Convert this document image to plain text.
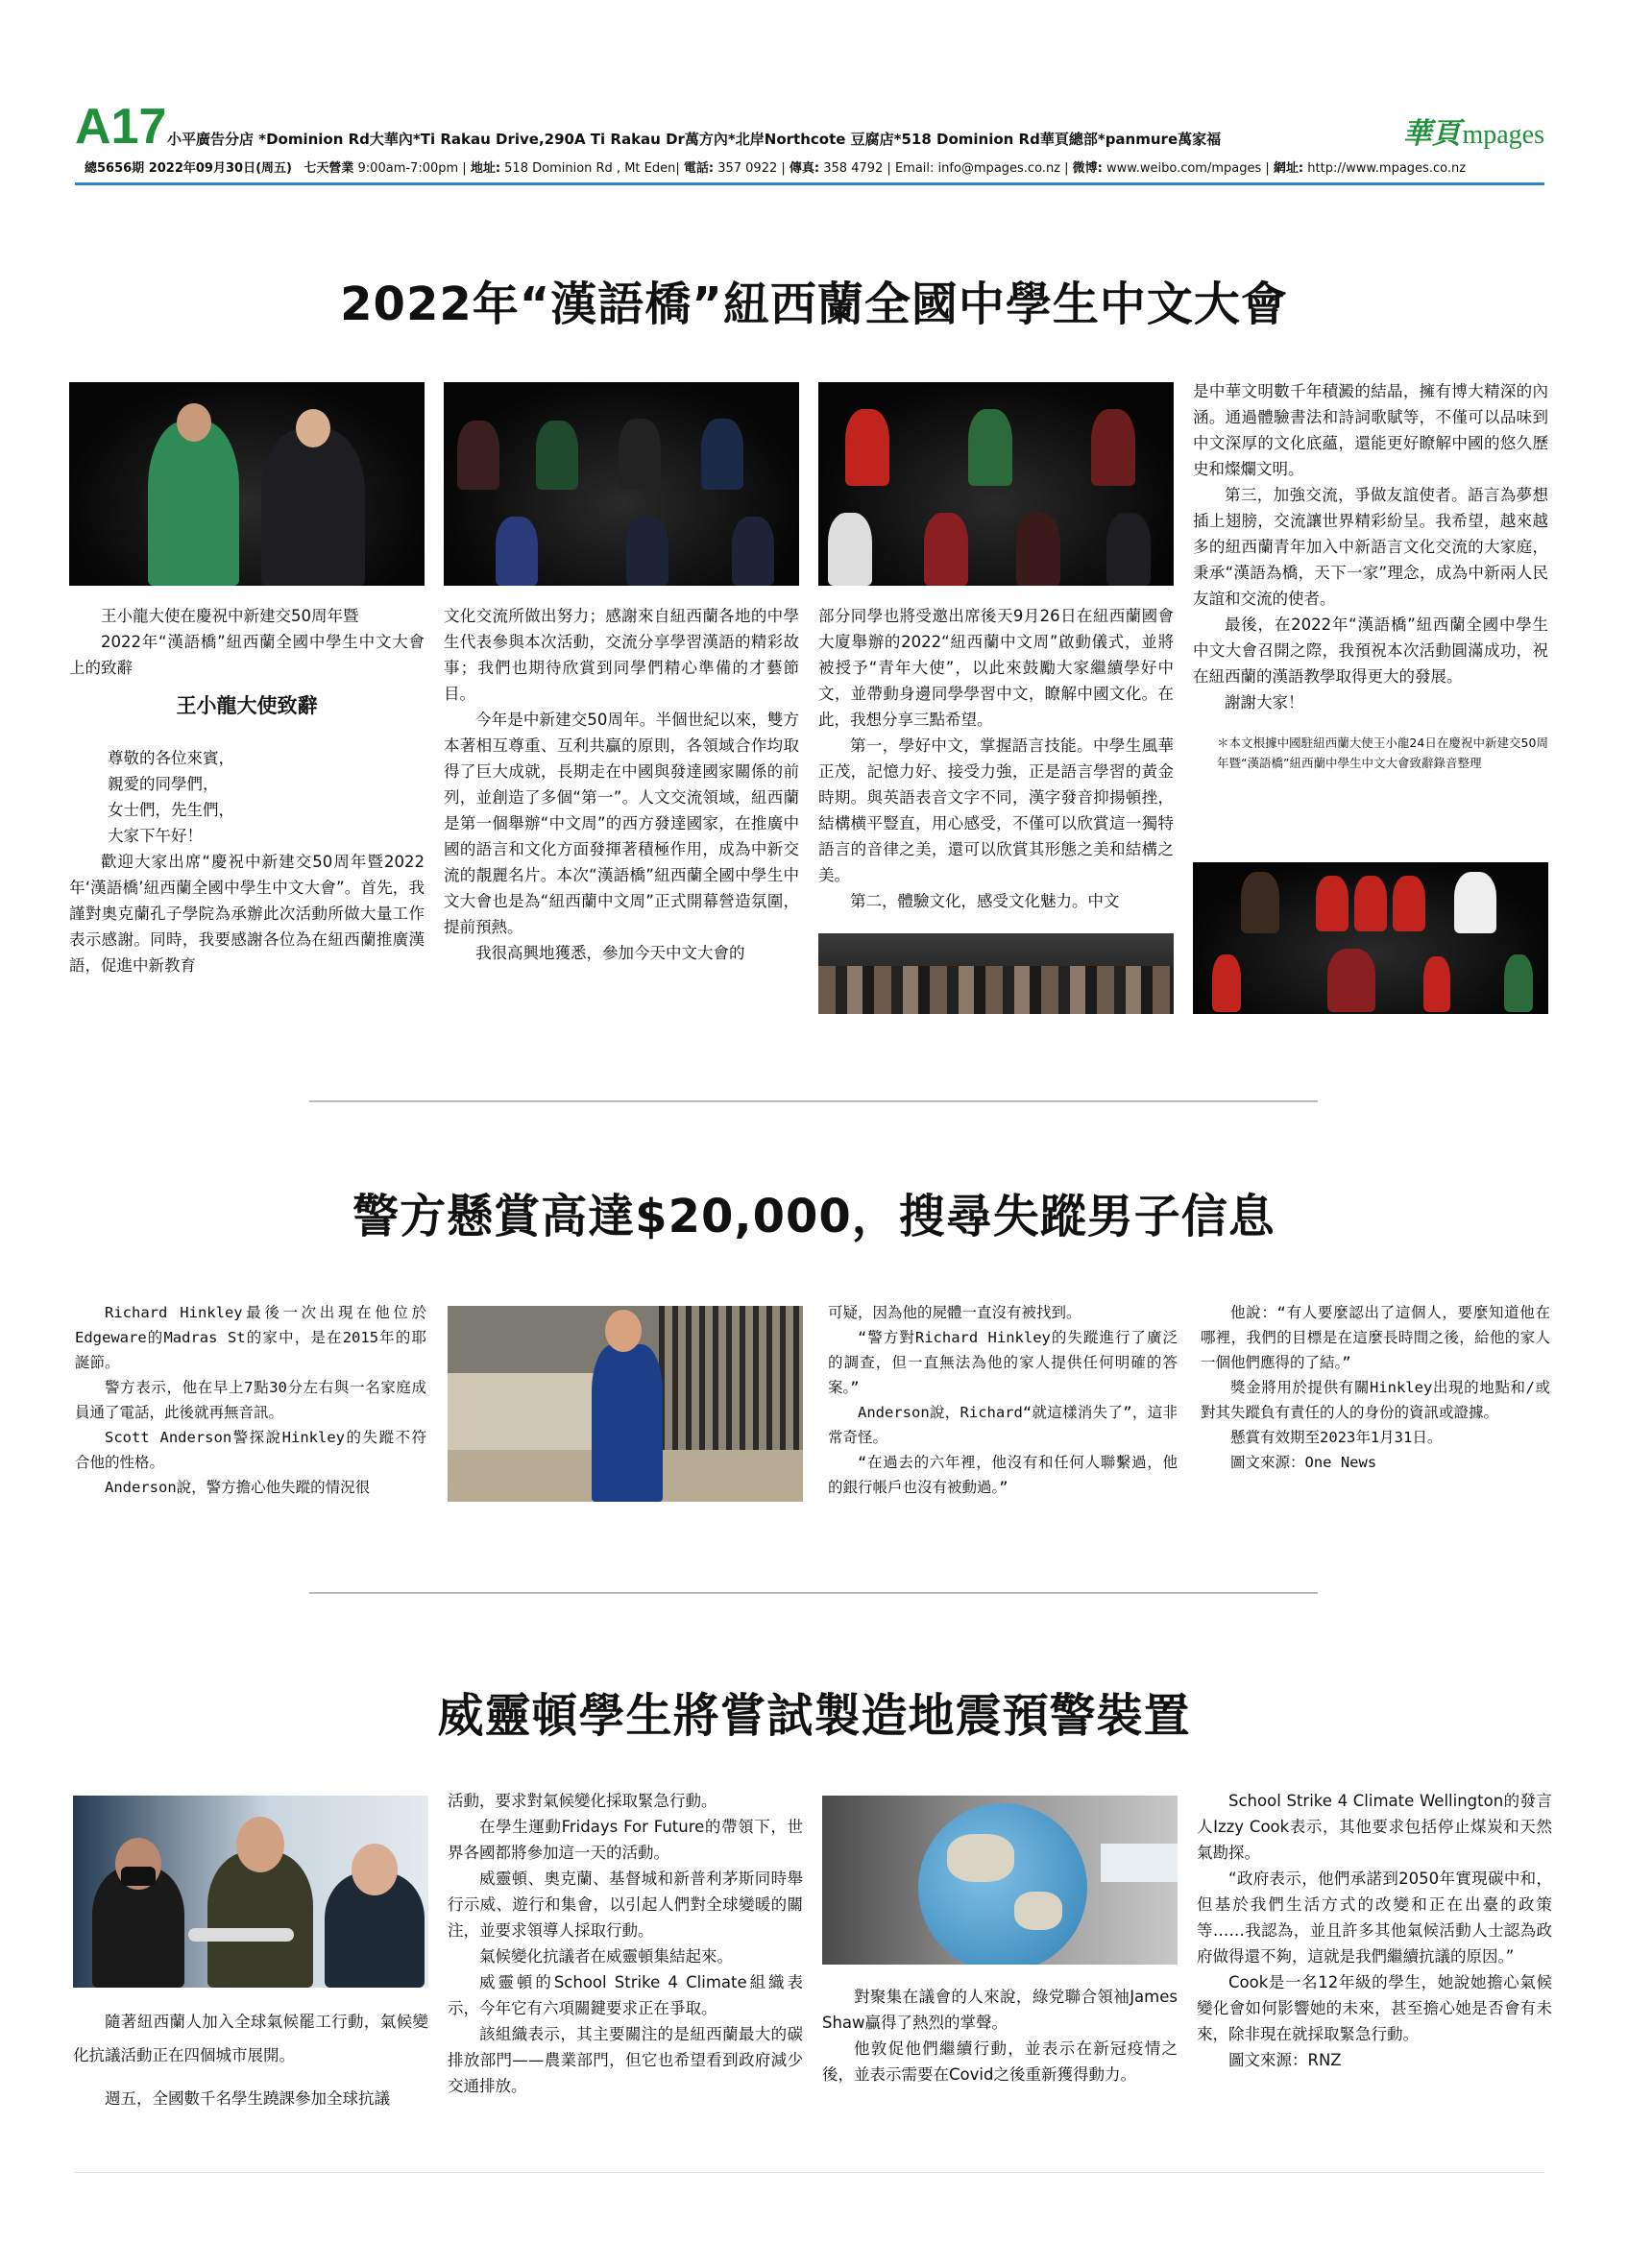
A17 小平廣告分店 *Dominion Rd大華內*Ti Rakau Drive,290A Ti Rakau Dr萬方內*北岸Northcote 豆腐店*518 Dominion Rd華頁總部*panmure萬家福
總5656期 2022年09月30日(周五) 七天營業 9:00am-7:00pm | 地址: 518 Dominion Rd , Mt Eden| 電話: 357 0922 | 傳真: 358 4792 | Email: info@mpages.co.nz | 微博: www.weibo.com/mpages | 網址: http://www.mpages.co.nz
華頁 mpages
2022年“漢語橋”紐西蘭全國中學生中文大會

王小龍大使在慶祝中新建交50周年暨

2022年“漢語橋”紐西蘭全國中學生中文大會上的致辭

王小龍大使致辭

尊敬的各位來賓，

親愛的同學們，

女士們，先生們，

大家下午好！

歡迎大家出席“慶祝中新建交50周年暨2022年‘漢語橋’紐西蘭全國中學生中文大會”。首先，我謹對奧克蘭孔子學院為承辦此次活動所做大量工作表示感謝。同時，我要感謝各位為在紐西蘭推廣漢語，促進中新教育

文化交流所做出努力；感謝來自紐西蘭各地的中學生代表參與本次活動，交流分享學習漢語的精彩故事；我們也期待欣賞到同學們精心準備的才藝節目。

今年是中新建交50周年。半個世紀以來，雙方本著相互尊重、互利共贏的原則，各領域合作均取得了巨大成就，長期走在中國與發達國家關係的前列，並創造了多個“第一”。人文交流領域，紐西蘭是第一個舉辦“中文周”的西方發達國家，在推廣中國的語言和文化方面發揮著積極作用，成為中新交流的靚麗名片。本次“漢語橋”紐西蘭全國中學生中文大會也是為“紐西蘭中文周”正式開幕營造氛圍，提前預熱。

我很高興地獲悉，參加今天中文大會的

部分同學也將受邀出席後天9月26日在紐西蘭國會大廈舉辦的2022“紐西蘭中文周”啟動儀式，並將被授予“青年大使”，以此來鼓勵大家繼續學好中文，並帶動身邊同學學習中文，瞭解中國文化。在此，我想分享三點希望。

第一，學好中文，掌握語言技能。中學生風華正茂，記憶力好、接受力強，正是語言學習的黃金時期。與英語表音文字不同，漢字發音抑揚頓挫，結構横平豎直，用心感受，不僅可以欣賞這一獨特語言的音律之美，還可以欣賞其形態之美和結構之美。

第二，體驗文化，感受文化魅力。中文

是中華文明數千年積澱的結晶，擁有博大精深的內涵。通過體驗書法和詩詞歌賦等，不僅可以品味到中文深厚的文化底蘊，還能更好瞭解中國的悠久歷史和燦爛文明。

第三，加強交流，爭做友誼使者。語言為夢想插上翅膀，交流讓世界精彩紛呈。我希望，越來越多的紐西蘭青年加入中新語言文化交流的大家庭，秉承“漢語為橋，天下一家”理念，成為中新兩人民友誼和交流的使者。

最後，在2022年“漢語橋”紐西蘭全國中學生中文大會召開之際，我預祝本次活動圓滿成功，祝在紐西蘭的漢語教學取得更大的發展。

謝謝大家！

＊本文根據中國駐紐西蘭大使王小龍24日在慶祝中新建交50周年暨“漢語橋”紐西蘭中學生中文大會致辭錄音整理

警方懸賞高達$20,000，搜尋失蹤男子信息

Richard Hinkley最後一次出現在他位於Edgeware的Madras St的家中，是在2015年的耶誕節。

警方表示，他在早上7點30分左右與一名家庭成員通了電話，此後就再無音訊。

Scott Anderson警探說Hinkley的失蹤不符合他的性格。

Anderson說，警方擔心他失蹤的情況很

可疑，因為他的屍體一直沒有被找到。

“警方對Richard Hinkley的失蹤進行了廣泛的調查，但一直無法為他的家人提供任何明確的答案。”

Anderson說，Richard“就這樣消失了”，這非常奇怪。

“在過去的六年裡，他沒有和任何人聯繫過，他的銀行帳戶也沒有被動過。”

他說：“有人要麼認出了這個人，要麼知道他在哪裡，我們的目標是在這麼長時間之後，給他的家人一個他們應得的了結。”

獎金將用於提供有關Hinkley出現的地點和/或對其失蹤負有責任的人的身份的資訊或證據。

懸賞有效期至2023年1月31日。

圖文來源：One News

威靈頓學生將嘗試製造地震預警裝置

隨著紐西蘭人加入全球氣候罷工行動，氣候變化抗議活動正在四個城市展開。

週五，全國數千名學生蹺課參加全球抗議

活動，要求對氣候變化採取緊急行動。

在學生運動Fridays For Future的帶領下，世界各國都將參加這一天的活動。

威靈頓、奧克蘭、基督城和新普利茅斯同時舉行示威、遊行和集會，以引起人們對全球變暖的關注，並要求領導人採取行動。

氣候變化抗議者在威靈頓集結起來。

威靈頓的School Strike 4 Climate組織表示，今年它有六項關鍵要求正在爭取。

該組織表示，其主要關注的是紐西蘭最大的碳排放部門——農業部門，但它也希望看到政府減少交通排放。

對聚集在議會的人來說，綠党聯合領袖James Shaw贏得了熱烈的掌聲。

他敦促他們繼續行動，並表示在新冠疫情之後，並表示需要在Covid之後重新獲得動力。

School Strike 4 Climate Wellington的發言人Izzy Cook表示，其他要求包括停止煤炭和天然氣勘探。

“政府表示，他們承諾到2050年實現碳中和，但基於我們生活方式的改變和正在出臺的政策等……我認為，並且許多其他氣候活動人士認為政府做得還不夠，這就是我們繼續抗議的原因。”

Cook是一名12年級的學生，她說她擔心氣候變化會如何影響她的未來，甚至擔心她是否會有未來，除非現在就採取緊急行動。

圖文來源：RNZ
